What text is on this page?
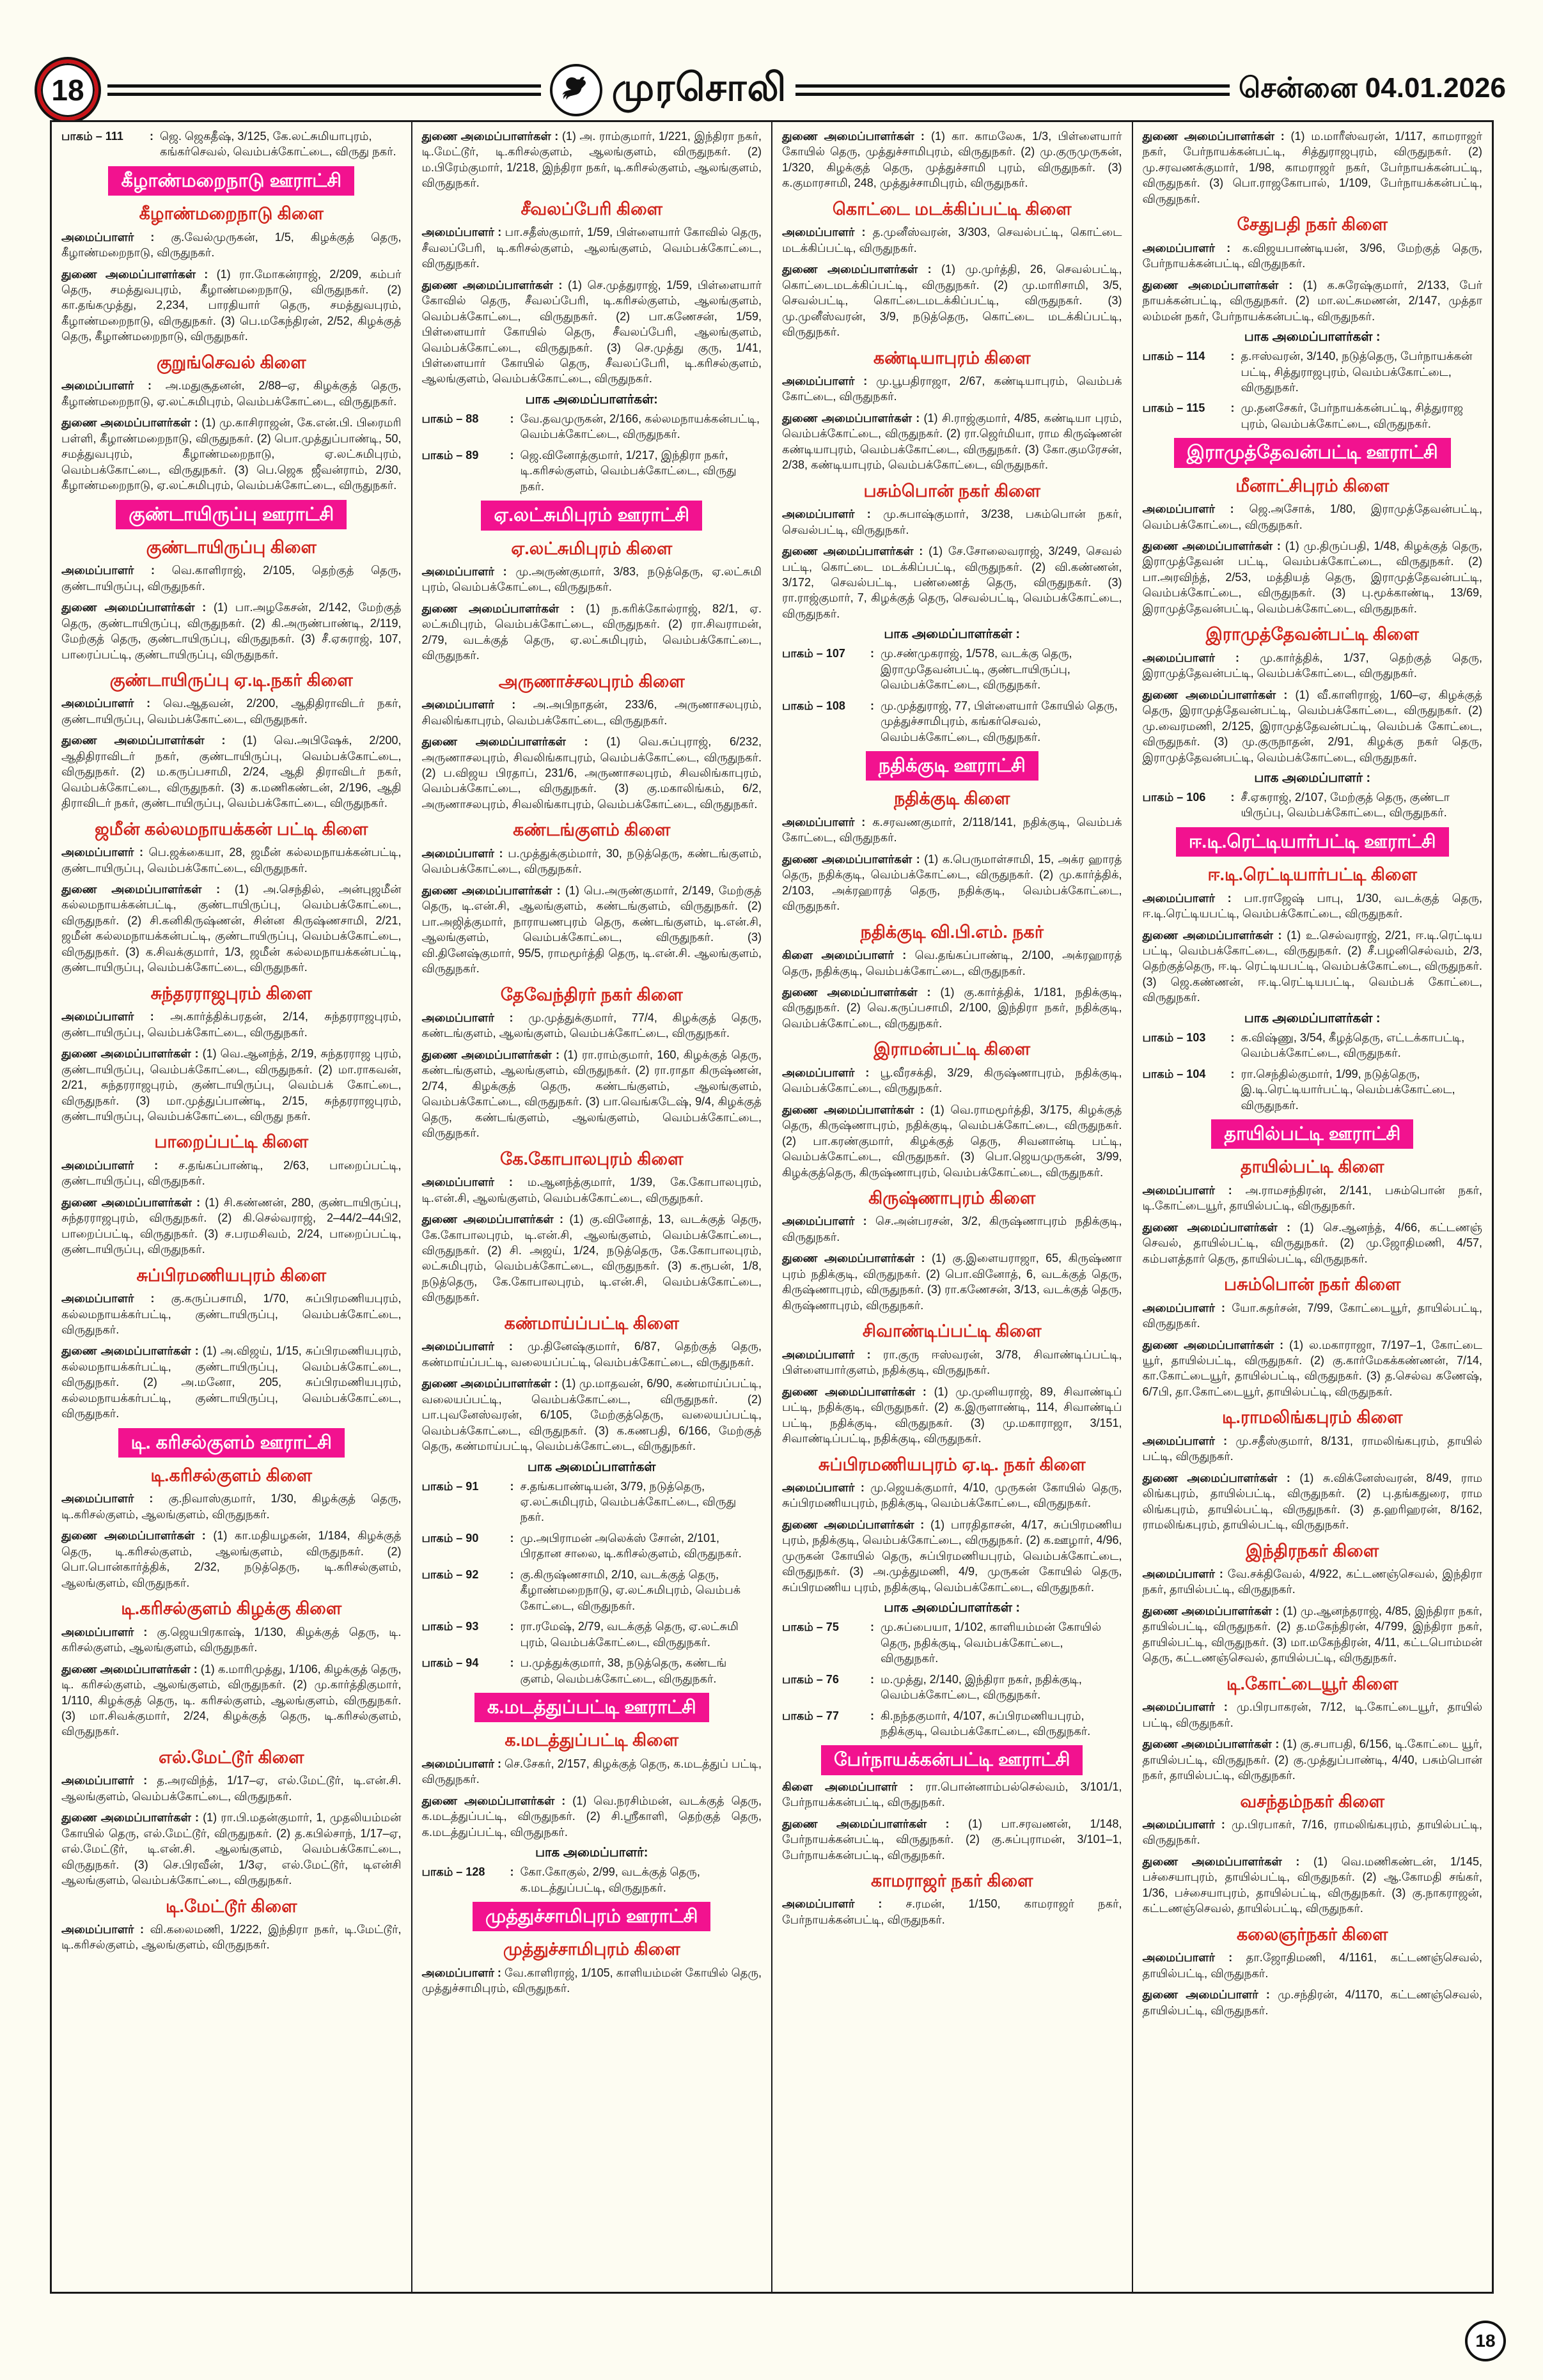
18	முரசொலி	சென்னை 04.01.2026
பாகம் – 111	: ஜெ. ஜெகதீஷ், 3/125, கே.லட்சுமியாபுரம், கங்கர்செவல், வெம்பக்கோட்டை, விருது நகர்.
கீழாண்மறைநாடு ஊராட்சி
கீழாண்மறைநாடு கிளை

அமைப்பாளர் : கு.வேல்முருகன், 1/5, கிழக்குத் தெரு, கீழாண்மறைநாடு, விருதுநகர்.

துணை அமைப்பாளர்கள் : (1) ரா.மோகன்ராஜ், 2/209, கம்பர் தெரு, சமத்துவபுரம், கீழாண்மறைநாடு, விருதுநகர். (2) கா.தங்கமுத்து, 2,234, பாரதியார் தெரு, சமத்துவபுரம், கீழாண்மறைநாடு, விருதுநகர். (3) பெ.மகேந்திரன், 2/52, கிழக்குத் தெரு, கீழாண்மறைநாடு, விருதுநகர்.

குறுங்செவல் கிளை

அமைப்பாளர் : அ.மதுசூதனன், 2/88–ஏ, கிழக்குத் தெரு, கீழாண்மறைநாடு, ஏ.லட்சுமிபுரம், வெம்பக்கோட்டை, விருதுநகர்.

துணை அமைப்பாளர்கள் : (1) மு.காசிராஜன், கே.என்.பி. பிரைமரி பள்ளி, கீழாண்மறைநாடு, விருதுநகர். (2) பொ.முத்துப்பாண்டி, 50, சமத்துவபுரம், கீழாண்மறைநாடு, ஏ.லட்சுமிபுரம், வெம்பக்கோட்டை, விருதுநகர். (3) பெ.ஜெக ஜீவன்ராம், 2/30, கீழாண்மறைநாடு, ஏ.லட்சுமிபுரம், வெம்பக்கோட்டை, விருதுநகர்.

குண்டாயிருப்பு ஊராட்சி
குண்டாயிருப்பு கிளை

அமைப்பாளர் : வெ.காளிராஜ், 2/105, தெற்குத் தெரு, குண்டாயிருப்பு, விருதுநகர்.

துணை அமைப்பாளர்கள் : (1) பா.அழகேசன், 2/142, மேற்குத் தெரு, குண்டாயிருப்பு, விருதுநகர். (2) கி.அருண்பாண்டி, 2/119, மேற்குத் தெரு, குண்டாயிருப்பு, விருதுநகர். (3) சீ.ஏசுராஜ், 107, பாரைப்பட்டி, குண்டாயிருப்பு, விருதுநகர்.

குண்டாயிருப்பு ஏ.டி.நகர் கிளை

அமைப்பாளர் : வெ.ஆதவன், 2/200, ஆதிதிராவிடர் நகர், குண்டாயிருப்பு, வெம்பக்கோட்டை, விருதுநகர்.

துணை அமைப்பாளர்கள் : (1) வெ.அபிஷேக், 2/200, ஆதிதிராவிடர் நகர், குண்டாயிருப்பு, வெம்பக்கோட்டை, விருதுநகர். (2) ம.கருப்பசாமி, 2/24, ஆதி திராவிடர் நகர், வெம்பக்கோட்டை, விருதுநகர். (3) க.மணிகண்டன், 2/196, ஆதி திராவிடர் நகர், குண்டாயிருப்பு, வெம்பக்கோட்டை, விருதுநகர்.

ஜமீன் கல்லமநாயக்கன் பட்டி கிளை

அமைப்பாளர் : பெ.ஜக்கையா, 28, ஜமீன் கல்லமநாயக்கன்பட்டி, குண்டாயிருப்பு, வெம்பக்கோட்டை, விருதுநகர்.

துணை அமைப்பாளர்கள் : (1) அ.செந்தில், அன்புஜமீன் கல்லமநாயக்கன்பட்டி, குண்டாயிருப்பு, வெம்பக்கோட்டை, விருதுநகர். (2) சி.கனிகிருஷ்ணன், சின்ன கிருஷ்ணசாமி, 2/21, ஜமீன் கல்லமநாயக்கன்பட்டி, குண்டாயிருப்பு, வெம்பக்கோட்டை, விருதுநகர். (3) க.சிவக்குமார், 1/3, ஜமீன் கல்லமநாயக்கன்பட்டி, குண்டாயிருப்பு, வெம்பக்கோட்டை, விருதுநகர்.

சுந்தரராஜபுரம் கிளை

அமைப்பாளர் : அ.கார்த்திக்பரதன், 2/14, சுந்தரராஜபுரம், குண்டாயிருப்பு, வெம்பக்கோட்டை, விருதுநகர்.

துணை அமைப்பாளர்கள் : (1) வெ.ஆனந்த், 2/19, சுந்தரராஜ புரம், குண்டாயிருப்பு, வெம்பக்கோட்டை, விருதுநகர். (2) மா.ராகவன், 2/21, சுந்தரராஜபுரம், குண்டாயிருப்பு, வெம்பக் கோட்டை, விருதுநகர். (3) மா.முத்துப்பாண்டி, 2/15, சுந்தரராஜபுரம், குண்டாயிருப்பு, வெம்பக்கோட்டை, விருது நகர்.

பாறைப்பட்டி கிளை

அமைப்பாளர் : ச.தங்கப்பாண்டி, 2/63, பாறைப்பட்டி, குண்டாயிருப்பு, விருதுநகர்.

துணை அமைப்பாளர்கள் : (1) சி.கண்ணன், 280, குண்டாயிருப்பு, சுந்தரராஜபுரம், விருதுநகர். (2) கி.செல்வராஜ், 2–44/2–44பி2, பாறைப்பட்டி, விருதுநகர். (3) ச.பரமசிவம், 2/24, பாறைப்பட்டி, குண்டாயிருப்பு, விருதுநகர்.

சுப்பிரமணியபுரம் கிளை

அமைப்பாளர் : கு.கருப்பசாமி, 1/70, சுப்பிரமணியபுரம், கல்லமநாயக்கர்பட்டி, குண்டாயிருப்பு, வெம்பக்கோட்டை, விருதுநகர்.

துணை அமைப்பாளர்கள் : (1) அ.விஜய், 1/15, சுப்பிரமணியபுரம், கல்லமநாயக்கர்பட்டி, குண்டாயிருப்பு, வெம்பக்கோட்டை, விருதுநகர். (2) அ.மனோ, 205, சுப்பிரமணியபுரம், கல்லமநாயக்கர்பட்டி, குண்டாயிருப்பு, வெம்பக்கோட்டை, விருதுநகர்.

டி. கரிசல்குளம் ஊராட்சி
டி.கரிசல்குளம் கிளை

அமைப்பாளர் : கு.நிவாஸ்குமார், 1/30, கிழக்குத் தெரு, டி.கரிசல்குளம், ஆலங்குளம், விருதுநகர்.

துணை அமைப்பாளர்கள் : (1) கா.மதியழகன், 1/184, கிழக்குத் தெரு, டி.கரிசல்குளம், ஆலங்குளம், விருதுநகர். (2) பொ.பொன்கார்த்திக், 2/32, நடுத்தெரு, டி.கரிசல்குளம், ஆலங்குளம், விருதுநகர்.

டி.கரிசல்குளம் கிழக்கு கிளை

அமைப்பாளர் : கு.ஜெயபிரகாஷ், 1/130, கிழக்குத் தெரு, டி. கரிசல்குளம், ஆலங்குளம், விருதுநகர்.

துணை அமைப்பாளர்கள் : (1) க.மாரிமுத்து, 1/106, கிழக்குத் தெரு, டி. கரிசல்குளம், ஆலங்குளம், விருதுநகர். (2) மு.கார்த்திகுமார், 1/110, கிழக்குத் தெரு, டி. கரிசல்குளம், ஆலங்குளம், விருதுநகர். (3) மா.சிவக்குமார், 2/24, கிழக்குத் தெரு, டி.கரிசல்குளம், விருதுநகர்.

எல்.மேட்டூர் கிளை

அமைப்பாளர் : த.அரவிந்த், 1/17–ஏ, எல்.மேட்டூர், டி.என்.சி. ஆலங்குளம், வெம்பக்கோட்டை, விருதுநகர்.

துணை அமைப்பாளர்கள் : (1) ரா.பி.மதன்குமார், 1, முதலியம்மன் கோயில் தெரு, எல்.மேட்டூர், விருதுநகர். (2) த.கபில்சாந், 1/17–ஏ, எல்.மேட்டூர், டி.என்.சி. ஆலங்குளம், வெம்பக்கோட்டை, விருதுநகர். (3) செ.பிரவீன், 1/3ஏ, எல்.மேட்டூர், டிஎன்சி ஆலங்குளம், வெம்பக்கோட்டை, விருதுநகர்.

டி.மேட்டூர் கிளை

அமைப்பாளர் : வி.கலைமணி, 1/222, இந்திரா நகர், டி.மேட்டூர், டி.கரிசல்குளம், ஆலங்குளம், விருதுநகர்.

துணை அமைப்பாளர்கள் : (1) அ. ராம்குமார், 1/221, இந்திரா நகர், டி.மேட்டூர், டி.கரிசல்குளம், ஆலங்குளம், விருதுநகர். (2) ம.பிரேம்குமார், 1/218, இந்திரா நகர், டி.கரிசல்குளம், ஆலங்குளம், விருதுநகர்.

சீவலப்பேரி கிளை

அமைப்பாளர் : பா.சதீஸ்குமார், 1/59, பிள்ளையார் கோவில் தெரு, சீவலப்பேரி, டி.கரிசல்குளம், ஆலங்குளம், வெம்பக்கோட்டை, விருதுநகர்.

துணை அமைப்பாளர்கள் : (1) செ.முத்துராஜ், 1/59, பிள்ளையார் கோவில் தெரு, சீவலப்பேரி, டி.கரிசல்குளம், ஆலங்குளம், வெம்பக்கோட்டை, விருதுநகர். (2) பா.கணேசன், 1/59, பிள்ளையார் கோயில் தெரு, சீவலப்பேரி, ஆலங்குளம், வெம்பக்கோட்டை, விருதுநகர். (3) செ.முத்து குரு, 1/41, பிள்ளையார் கோயில் தெரு, சீவலப்பேரி, டி.கரிசல்குளம், ஆலங்குளம், வெம்பக்கோட்டை, விருதுநகர்.

பாக அமைப்பாளர்கள்:
பாகம் – 88	: வே.தவமுருகன், 2/166, கல்லமநாயக்கன்பட்டி, வெம்பக்கோட்டை, விருதுநகர்.
பாகம் – 89	: ஜெ.வினோத்குமார், 1/217, இந்திரா நகர், டி.கரிசல்குளம், வெம்பக்கோட்டை, விருது நகர்.
ஏ.லட்சுமிபுரம் ஊராட்சி
ஏ.லட்சுமிபுரம் கிளை

அமைப்பாளர் : மு.அருண்குமார், 3/83, நடுத்தெரு, ஏ.லட்சுமி புரம், வெம்பக்கோட்டை, விருதுநகர்.

துணை அமைப்பாளர்கள் : (1) ந.கரிக்கோல்ராஜ், 82/1, ஏ. லட்சுமிபுரம், வெம்பக்கோட்டை, விருதுநகர். (2) ரா.சிவராமன், 2/79, வடக்குத் தெரு, ஏ.லட்சுமிபுரம், வெம்பக்கோட்டை, விருதுநகர்.

அருணாச்சலபுரம் கிளை

அமைப்பாளர் : அ.அபிநாதன், 233/6, அருணாசலபுரம், சிவலிங்காபுரம், வெம்பக்கோட்டை, விருதுநகர்.

துணை அமைப்பாளர்கள் : (1) வெ.சுப்புராஜ், 6/232, அருணாசலபுரம், சிவலிங்காபுரம், வெம்பக்கோட்டை, விருதுநகர். (2) ப.விஜய பிரதாப், 231/6, அருணாசலபுரம், சிவலிங்காபுரம், வெம்பக்கோட்டை, விருதுநகர். (3) கு.மகாலிங்கம், 6/2, அருணாசலபுரம், சிவலிங்காபுரம், வெம்பக்கோட்டை, விருதுநகர்.

கண்டங்குளம் கிளை

அமைப்பாளர் : ப.முத்துக்கும்மார், 30, நடுத்தெரு, கண்டங்குளம், வெம்பக்கோட்டை, விருதுநகர்.

துணை அமைப்பாளர்கள் : (1) பெ.அருண்குமார், 2/149, மேற்குத் தெரு, டி.என்.சி, ஆலங்குளம், கண்டங்குளம், விருதுநகர். (2) பா.அஜித்குமார், நாராயணபுரம் தெரு, கண்டங்குளம், டி.என்.சி, ஆலங்குளம், வெம்பக்கோட்டை, விருதுநகர். (3) வி.தினேஷ்குமார், 95/5, ராமமூர்த்தி தெரு, டி.என்.சி. ஆலங்குளம், விருதுநகர்.

தேவேந்திரர் நகர் கிளை

அமைப்பாளர் : மு.முத்துக்குமார், 77/4, கிழக்குத் தெரு, கண்டங்குளம், ஆலங்குளம், வெம்பக்கோட்டை, விருதுநகர்.

துணை அமைப்பாளர்கள் : (1) ரா.ராம்குமார், 160, கிழக்குத் தெரு, கண்டங்குளம், ஆலங்குளம், விருதுநகர். (2) ரா.ராதா கிருஷ்ணன், 2/74, கிழக்குத் தெரு, கண்டங்குளம், ஆலங்குளம், வெம்பக்கோட்டை, விருதுநகர். (3) பா.வெங்கடேஷ், 9/4, கிழக்குத் தெரு, கண்டங்குளம், ஆலங்குளம், வெம்பக்கோட்டை, விருதுநகர்.

கே.கோபாலபுரம் கிளை

அமைப்பாளர் : ம.ஆனந்த்குமார், 1/39, கே.கோபாலபுரம், டி.என்.சி, ஆலங்குளம், வெம்பக்கோட்டை, விருதுநகர்.

துணை அமைப்பாளர்கள் : (1) கு.வினோத், 13, வடக்குத் தெரு, கே.கோபாலபுரம், டி.என்.சி, ஆலங்குளம், வெம்பக்கோட்டை, விருதுநகர். (2) சி. அஜய், 1/24, நடுத்தெரு, கே.கோபாலபுரம், லட்சுமிபுரம், வெம்பக்கோட்டை, விருதுநகர். (3) க.ரூபன், 1/8, நடுத்தெரு, கே.கோபாலபுரம், டி.என்.சி, வெம்பக்கோட்டை, விருதுநகர்.

கண்மாய்ப்பட்டி கிளை

அமைப்பாளர் : மு.தினேஷ்குமார், 6/87, தெற்குத் தெரு, கண்மாய்ப்பட்டி, வலையப்பட்டி, வெம்பக்கோட்டை, விருதுநகர்.

துணை அமைப்பாளர்கள் : (1) மு.மாதவன், 6/90, கண்மாய்ப்பட்டி, வலையப்பட்டி, வெம்பக்கோட்டை, விருதுநகர். (2) பா.புவனேஸ்வரன், 6/105, மேற்குத்தெரு, வலையப்பட்டி, வெம்பக்கோட்டை, விருதுநகர். (3) க.கணபதி, 6/166, மேற்குத் தெரு, கண்மாய்பட்டி, வெம்பக்கோட்டை, விருதுநகர்.

பாக அமைப்பாளர்கள்
பாகம் – 91	: ச.தங்கபாண்டியன், 3/79, நடுத்தெரு, ஏ.லட்சுமிபுரம், வெம்பக்கோட்டை, விருது நகர்.
பாகம் – 90	: மு.அபிராமன் அலெக்ஸ் சோன், 2/101, பிரதான சாலை, டி.கரிசல்குளம், விருதுநகர்.
பாகம் – 92	: கு.கிருஷ்ணசாமி, 2/10, வடக்குத் தெரு, கீழாண்மறைநாடு, ஏ.லட்சுமிபுரம், வெம்பக் கோட்டை, விருதுநகர்.
பாகம் – 93	: ரா.ரமேஷ், 2/79, வடக்குத் தெரு, ஏ.லட்சுமி புரம், வெம்பக்கோட்டை, விருதுநகர்.
பாகம் – 94	: ப.முத்துக்குமார், 38, நடுத்தெரு, கண்டங் குளம், வெம்பக்கோட்டை, விருதுநகர்.
க.மடத்துப்பட்டி ஊராட்சி
க.மடத்துப்பட்டி கிளை

அமைப்பாளர் : செ.சேகர், 2/157, கிழக்குத் தெரு, க.மடத்துப் பட்டி, விருதுநகர்.

துணை அமைப்பாளர்கள் : (1) வெ.நரசிம்மன், வடக்குத் தெரு, க.மடத்துப்பட்டி, விருதுநகர். (2) சி.ஸ்ரீகாளி, தெற்குத் தெரு, க.மடத்துப்பட்டி, விருதுநகர்.

பாக அமைப்பாளர்:
பாகம் – 128	: கோ.கோகுல், 2/99, வடக்குத் தெரு, க.மடத்துப்பட்டி, விருதுநகர்.
முத்துச்சாமிபுரம் ஊராட்சி
முத்துச்சாமிபுரம் கிளை

அமைப்பாளர் : வே.காளிராஜ், 1/105, காளியம்மன் கோயில் தெரு, முத்துச்சாமிபுரம், விருதுநகர்.

துணை அமைப்பாளர்கள் : (1) கா. காமலேசு, 1/3, பிள்ளையார் கோயில் தெரு, முத்துச்சாமிபுரம், விருதுநகர். (2) மு.குருமுருகன், 1/320, கிழக்குத் தெரு, முத்துச்சாமி புரம், விருதுநகர். (3) க.குமாரசாமி, 248, முத்துச்சாமிபுரம், விருதுநகர்.

கொட்டை மடக்கிப்பட்டி கிளை

அமைப்பாளர் : த.முனீஸ்வரன், 3/303, செவல்பட்டி, கொட்டை மடக்கிப்பட்டி, விருதுநகர்.

துணை அமைப்பாளர்கள் : (1) மு.முர்த்தி, 26, செவல்பட்டி, கொட்டைமடக்கிப்பட்டி, விருதுநகர். (2) மு.மாரிசாமி, 3/5, செவல்பட்டி, கொட்டைமடக்கிப்பட்டி, விருதுநகர். (3) மு.முனீஸ்வரன், 3/9, நடுத்தெரு, கொட்டை மடக்கிப்பட்டி, விருதுநகர்.

கண்டியாபுரம் கிளை

அமைப்பாளர் : மு.பூபதிராஜா, 2/67, கண்டியாபுரம், வெம்பக் கோட்டை, விருதுநகர்.

துணை அமைப்பாளர்கள் : (1) சி.ராஜ்குமார், 4/85, கண்டியா புரம், வெம்பக்கோட்டை, விருதுநகர். (2) ரா.ஜெர்மியா, ராம கிருஷ்ணன் கண்டியாபுரம், வெம்பக்கோட்டை, விருதுநகர். (3) கோ.குமரேசன், 2/38, கண்டியாபுரம், வெம்பக்கோட்டை, விருதுநகர்.

பசும்பொன் நகர் கிளை

அமைப்பாளர் : மு.சுபாஷ்குமார், 3/238, பசும்பொன் நகர், செவல்பட்டி, விருதுநகர்.

துணை அமைப்பாளர்கள் : (1) சே.சோலைவராஜ், 3/249, செவல் பட்டி, கொட்டை மடக்கிப்பட்டி, விருதுநகர். (2) வி.கண்ணன், 3/172, செவல்பட்டி, பண்ணைத் தெரு, விருதுநகர். (3) ரா.ராஜ்குமார், 7, கிழக்குத் தெரு, செவல்பட்டி, வெம்பக்கோட்டை, விருதுநகர்.

பாக அமைப்பாளர்கள் :
பாகம் – 107	: மு.சண்முகராஜ், 1/578, வடக்கு தெரு, இராமுதேவன்பட்டி, குண்டாயிருப்பு, வெம்பக்கோட்டை, விருதுநகர்.
பாகம் – 108	: மு.முத்துராஜ், 77, பிள்ளையார் கோயில் தெரு, முத்துச்சாமிபுரம், கங்கர்செவல், வெம்பக்கோட்டை, விருதுநகர்.
நதிக்குடி ஊராட்சி
நதிக்குடி கிளை

அமைப்பாளர் : க.சரவணகுமார், 2/118/141, நதிக்குடி, வெம்பக் கோட்டை, விருதுநகர்.

துணை அமைப்பாளர்கள் : (1) க.பெருமாள்சாமி, 15, அக்ர ஹாரத் தெரு, நதிக்குடி, வெம்பக்கோட்டை, விருதுநகர். (2) மு.கார்த்திக், 2/103, அக்ரஹாரத் தெரு, நதிக்குடி, வெம்பக்கோட்டை, விருதுநகர்.

நதிக்குடி வி.பி.எம். நகர்

கிளை அமைப்பாளர் : வெ.தங்கப்பாண்டி, 2/100, அக்ரஹாரத் தெரு, நதிக்குடி, வெம்பக்கோட்டை, விருதுநகர்.

துணை அமைப்பாளர்கள் : (1) கு.கார்த்திக், 1/181, நதிக்குடி, விருதுநகர். (2) வெ.கருப்பசாமி, 2/100, இந்திரா நகர், நதிக்குடி, வெம்பக்கோட்டை, விருதுநகர்.

இராமன்பட்டி கிளை

அமைப்பாளர் : பூ.வீரசக்தி, 3/29, கிருஷ்ணாபுரம், நதிக்குடி, வெம்பக்கோட்டை, விருதுநகர்.

துணை அமைப்பாளர்கள் : (1) வெ.ராமமூர்த்தி, 3/175, கிழக்குத் தெரு, கிருஷ்ணாபுரம், நதிக்குடி, வெம்பக்கோட்டை, விருதுநகர். (2) பா.கரண்குமார், கிழக்குத் தெரு, சிவனான்டி பட்டி, வெம்பக்கோட்டை, விருதுநகர். (3) பொ.ஜெயமுருகன், 3/99, கிழக்குத்தெரு, கிருஷ்ணாபுரம், வெம்பக்கோட்டை, விருதுநகர்.

கிருஷ்ணாபுரம் கிளை

அமைப்பாளர் : செ.அன்பரசன், 3/2, கிருஷ்ணாபுரம் நதிக்குடி, விருதுநகர்.

துணை அமைப்பாளர்கள் : (1) கு.இளையராஜா, 65, கிருஷ்ணா புரம் நதிக்குடி, விருதுநகர். (2) பொ.வினோத், 6, வடக்குத் தெரு, கிருஷ்ணாபுரம், விருதுநகர். (3) ரா.கணேசன், 3/13, வடக்குத் தெரு, கிருஷ்ணாபுரம், விருதுநகர்.

சிவாண்டிப்பட்டி கிளை

அமைப்பாளர் : ரா.குரு ஈஸ்வரன், 3/78, சிவாண்டிப்பட்டி, பிள்ளையார்குளம், நதிக்குடி, விருதுநகர்.

துணை அமைப்பாளர்கள் : (1) மு.முனியராஜ், 89, சிவாண்டிப் பட்டி, நதிக்குடி, விருதுநகர். (2) க.இருளாண்டி, 114, சிவாண்டிப் பட்டி, நதிக்குடி, விருதுநகர். (3) மு.மகாராஜா, 3/151, சிவாண்டிப்பட்டி, நதிக்குடி, விருதுநகர்.

சுப்பிரமணியபுரம் ஏ.டி. நகர் கிளை

அமைப்பாளர் : மு.ஜெயக்குமார், 4/10, முருகன் கோயில் தெரு, சுப்பிரமணியபுரம், நதிக்குடி, வெம்பக்கோட்டை, விருதுநகர்.

துணை அமைப்பாளர்கள் : (1) பாரதிதாசன், 4/17, சுப்பிரமணிய புரம், நதிக்குடி, வெம்பக்கோட்டை, விருதுநகர். (2) க.ஊழார், 4/96, முருகன் கோயில் தெரு, சுப்பிரமணியபுரம், வெம்பக்கோட்டை, விருதுநகர். (3) அ.முத்துமணி, 4/9, முருகன் கோயில் தெரு, சுப்பிரமணிய புரம், நதிக்குடி, வெம்பக்கோட்டை, விருதுநகர்.

பாக அமைப்பாளர்கள் :
பாகம் – 75	: மு.சுப்பையா, 1/102, காளியம்மன் கோயில் தெரு, நதிக்குடி, வெம்பக்கோட்டை, விருதுநகர்.
பாகம் – 76	: ம.முத்து, 2/140, இந்திரா நகர், நதிக்குடி, வெம்பக்கோட்டை, விருதுநகர்.
பாகம் – 77	: கி.நந்தகுமார், 4/107, சுப்பிரமணியபுரம், நதிக்குடி, வெம்பக்கோட்டை, விருதுநகர்.
பேர்நாயக்கன்பட்டி ஊராட்சி

கிளை அமைப்பாளர் : ரா.பொன்னாம்பல்செல்வம், 3/101/1, பேர்நாயக்கன்பட்டி, விருதுநகர்.

துணை அமைப்பாளர்கள் : (1) பா.சரவணன், 1/148, பேர்நாயக்கன்பட்டி, விருதுநகர். (2) கு.சுப்புராமன், 3/101–1, பேர்நாயக்கன்பட்டி, விருதுநகர்.

காமராஜர் நகர் கிளை

அமைப்பாளர் : ச.ரமன், 1/150, காமராஜர் நகர், பேர்நாயக்கன்பட்டி, விருதுநகர்.

துணை அமைப்பாளர்கள் : (1) ம.மாரீஸ்வரன், 1/117, காமராஜர் நகர், பேர்நாயக்கன்பட்டி, சித்துராஜபுரம், விருதுநகர். (2) மு.சரவணக்குமார், 1/98, காமராஜர் நகர், பேர்நாயக்கன்பட்டி, விருதுநகர். (3) பொ.ராஜகோபால், 1/109, பேர்நாயக்கன்பட்டி, விருதுநகர்.

சேதுபதி நகர் கிளை

அமைப்பாளர் : க.விஜயபாண்டியன், 3/96, மேற்குத் தெரு, பேர்நாயக்கன்பட்டி, விருதுநகர்.

துணை அமைப்பாளர்கள் : (1) க.சுரேஷ்குமார், 2/133, பேர் நாயக்கன்பட்டி, விருதுநகர். (2) மா.லட்சுமணன், 2/147, முத்தா லம்மன் நகர், பேர்நாயக்கன்பட்டி, விருதுநகர்.

பாக அமைப்பாளர்கள் :
பாகம் – 114	: த.ஈஸ்வரன், 3/140, நடுத்தெரு, பேர்நாயக்கன் பட்டி, சித்துராஜபுரம், வெம்பக்கோட்டை, விருதுநகர்.
பாகம் – 115	: மு.தனசேகர், பேர்நாயக்கன்பட்டி, சித்துராஜ புரம், வெம்பக்கோட்டை, விருதுநகர்.
இராமுத்தேவன்பட்டி ஊராட்சி
மீனாட்சிபுரம் கிளை

அமைப்பாளர் : ஜெ.அசோக், 1/80, இராமுத்தேவன்பட்டி, வெம்பக்கோட்டை, விருதுநகர்.

துணை அமைப்பாளர்கள் : (1) மு.திருப்பதி, 1/48, கிழக்குத் தெரு, இராமுத்தேவன் பட்டி, வெம்பக்கோட்டை, விருதுநகர். (2) பா.அரவிந்த், 2/53, மத்தியத் தெரு, இராமுத்தேவன்பட்டி, வெம்பக்கோட்டை, விருதுநகர். (3) பு.மூக்காண்டி, 13/69, இராமுத்தேவன்பட்டி, வெம்பக்கோட்டை, விருதுநகர்.

இராமுத்தேவன்பட்டி கிளை

அமைப்பாளர் : மு.கார்த்திக், 1/37, தெற்குத் தெரு, இராமுத்தேவன்பட்டி, வெம்பக்கோட்டை, விருதுநகர்.

துணை அமைப்பாளர்கள் : (1) வீ.காளிராஜ், 1/60–ஏ, கிழக்குத் தெரு, இராமுத்தேவன்பட்டி, வெம்பக்கோட்டை, விருதுநகர். (2) மு.வைரமணி, 2/125, இராமுத்தேவன்பட்டி, வெம்பக் கோட்டை, விருதுநகர். (3) மு.குருநாதன், 2/91, கிழக்கு நகர் தெரு, இராமுத்தேவன்பட்டி, வெம்பக்கோட்டை, விருதுநகர்.

பாக அமைப்பாளர் :
பாகம் – 106	: சீ.ஏசுராஜ், 2/107, மேற்குத் தெரு, குண்டா யிருப்பு, வெம்பக்கோட்டை, விருதுநகர்.
ஈ.டி.ரெட்டியார்பட்டி ஊராட்சி
ஈ.டி.ரெட்டியார்பட்டி கிளை

அமைப்பாளர் : பா.ராஜேஷ் பாபு, 1/30, வடக்குத் தெரு, ஈ.டி.ரெட்டியபட்டி, வெம்பக்கோட்டை, விருதுநகர்.

துணை அமைப்பாளர்கள் : (1) உ.செல்வராஜ், 2/21, ஈ.டி.ரெட்டிய பட்டி, வெம்பக்கோட்டை, விருதுநகர். (2) சீ.பழனிசெல்வம், 2/3, தெற்குத்தெரு, ஈ.டி. ரெட்டியபட்டி, வெம்பக்கோட்டை, விருதுநகர். (3) ஜெ.கண்ணன், ஈ.டி.ரெட்டியபட்டி, வெம்பக் கோட்டை, விருதுநகர்.

பாக அமைப்பாளர்கள் :
பாகம் – 103	: க.விஷ்ணு, 3/54, கீழத்தெரு, எட்டக்காபட்டி, வெம்பக்கோட்டை, விருதுநகர்.
பாகம் – 104	: ரா.செந்தில்குமார், 1/99, நடுத்தெரு, இ.டி.ரெட்டியார்பட்டி, வெம்பக்கோட்டை, விருதுநகர்.
தாயில்பட்டி ஊராட்சி
தாயில்பட்டி கிளை

அமைப்பாளர் : அ.ராமசந்திரன், 2/141, பசும்பொன் நகர், டி.கோட்டையூர், தாயில்பட்டி, விருதுநகர்.

துணை அமைப்பாளர்கள் : (1) செ.ஆனந்த், 4/66, கட்டணஞ் செவல், தாயில்பட்டி, விருதுநகர். (2) மு.ஜோதிமணி, 4/57, கம்பளத்தார் தெரு, தாயில்பட்டி, விருதுநகர்.

பசும்பொன் நகர் கிளை

அமைப்பாளர் : யோ.சுதர்சன், 7/99, கோட்டையூர், தாயில்பட்டி, விருதுநகர்.

துணை அமைப்பாளர்கள் : (1) ல.மகாராஜா, 7/197–1, கோட்டை யூர், தாயில்பட்டி, விருதுநகர். (2) கு.கார்மேகக்கண்ணன், 7/14, கா.கோட்டையூர், தாயில்பட்டி, விருதுநகர். (3) த.செல்வ கணேஷ், 6/7பி, தா.கோட்டையூர், தாயில்பட்டி, விருதுநகர்.

டி.ராமலிங்கபுரம் கிளை

அமைப்பாளர் : மு.சதீஸ்குமார், 8/131, ராமலிங்கபுரம், தாயில் பட்டி, விருதுநகர்.

துணை அமைப்பாளர்கள் : (1) சு.விக்னேஸ்வரன், 8/49, ராம லிங்கபுரம், தாயில்பட்டி, விருதுநகர். (2) பு.தங்கதுரை, ராம லிங்கபுரம், தாயில்பட்டி, விருதுநகர். (3) த.ஹரிஹரன், 8/162, ராமலிங்கபுரம், தாயில்பட்டி, விருதுநகர்.

இந்திரநகர் கிளை

அமைப்பாளர் : வே.சக்திவேல், 4/922, கட்டணஞ்செவல், இந்திரா நகர், தாயில்பட்டி, விருதுநகர்.

துணை அமைப்பாளர்கள் : (1) மு.ஆனந்தராஜ், 4/85, இந்திரா நகர், தாயில்பட்டி, விருதுநகர். (2) த.மகேந்திரன், 4/799, இந்திரா நகர், தாயில்பட்டி, விருதுநகர். (3) மா.மகேந்திரன், 4/11, கட்டபொம்மன் தெரு, கட்டணஞ்செவல், தாயில்பட்டி, விருதுநகர்.

டி.கோட்டையூர் கிளை

அமைப்பாளர் : மு.பிரபாகரன், 7/12, டி.கோட்டையூர், தாயில் பட்டி, விருதுநகர்.

துணை அமைப்பாளர்கள் : (1) கு.சபாபதி, 6/156, டி.கோட்டை யூர், தாயில்பட்டி, விருதுநகர். (2) கு.முத்துப்பாண்டி, 4/40, பசும்பொன் நகர், தாயில்பட்டி, விருதுநகர்.

வசந்தம்நகர் கிளை

அமைப்பாளர் : மு.பிரபாகர், 7/16, ராமலிங்கபுரம், தாயில்பட்டி, விருதுநகர்.

துணை அமைப்பாளர்கள் : (1) வெ.மணிகண்டன், 1/145, பச்சையாபுரம், தாயில்பட்டி, விருதுநகர். (2) ஆ.கோமதி சங்கர், 1/36, பச்சையாபுரம், தாயில்பட்டி, விருதுநகர். (3) கு.நாகராஜன், கட்டணஞ்செவல், தாயில்பட்டி, விருதுநகர்.

கலைஞர்நகர் கிளை

அமைப்பாளர் : தா.ஜோதிமணி, 4/1161, கட்டணஞ்செவல், தாயில்பட்டி, விருதுநகர்.

துணை அமைப்பாளர் : மு.சந்திரன், 4/1170, கட்டணஞ்செவல், தாயில்பட்டி, விருதுநகர்.

18
